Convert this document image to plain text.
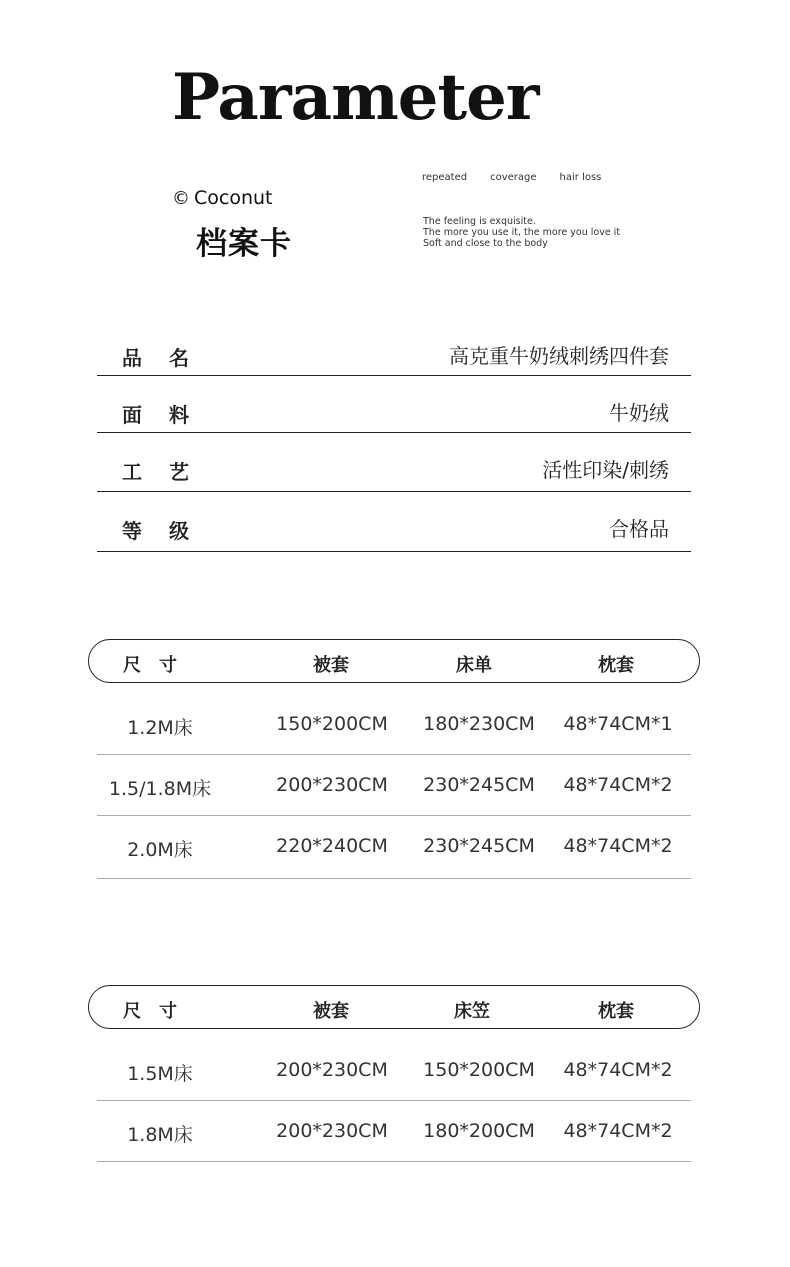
Parameter
© Coconut
档案卡
repeated coverage hair loss
The feeling is exquisite.
The more you use it, the more you love it
Soft and close to the body
品 名	高克重牛奶绒刺绣四件套
面 料	牛奶绒
工 艺	活性印染/刺绣
等 级	合格品
尺　寸	被套	床单	枕套
1.2M床	150*200CM 180*230CM 48*74CM*1
1.5/1.8M床	200*230CM 230*245CM 48*74CM*2
2.0M床	220*240CM 230*245CM 48*74CM*2
尺　寸	被套	床笠	枕套
1.5M床	200*230CM 150*200CM 48*74CM*2
1.8M床	200*230CM 180*200CM 48*74CM*2
